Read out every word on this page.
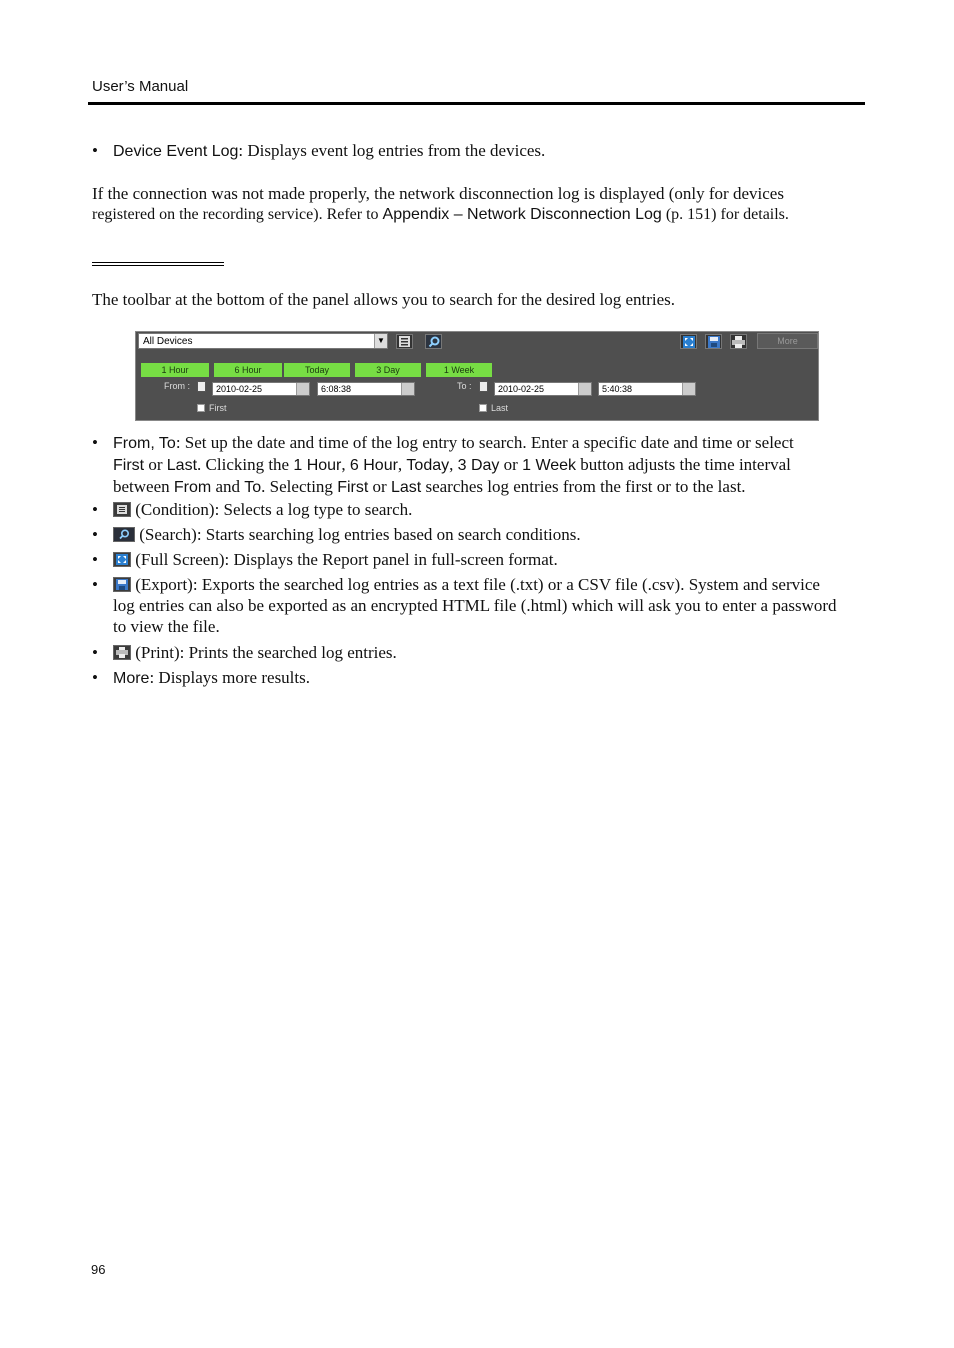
User’s Manual
• Device Event Log: Displays event log entries from the devices.
If the connection was not made properly, the network disconnection log is displayed (only for devices
registered on the recording service). Refer to Appendix – Network Disconnection Log (p. 151) for details.
The toolbar at the bottom of the panel allows you to search for the desired log entries.
All Devices	▼	More
1 Hour	6 Hour	Today	3 Day	1 Week
From :	2010-02-25	6:08:38
First
To :	2010-02-25	5:40:38
Last
• From, To: Set up the date and time of the log entry to search. Enter a specific date and time or select
First or Last. Clicking the 1 Hour, 6 Hour, Today, 3 Day or 1 Week button adjusts the time interval
between From and To. Selecting First or Last searches log entries from the first or to the last.
•	(Condition): Selects a log type to search.
•	(Search): Starts searching log entries based on search conditions.
•	(Full Screen): Displays the Report panel in full-screen format.
•	(Export): Exports the searched log entries as a text file (.txt) or a CSV file (.csv). System and service
log entries can also be exported as an encrypted HTML file (.html) which will ask you to enter a password
to view the file.
•	(Print): Prints the searched log entries.
• More: Displays more results.
96
